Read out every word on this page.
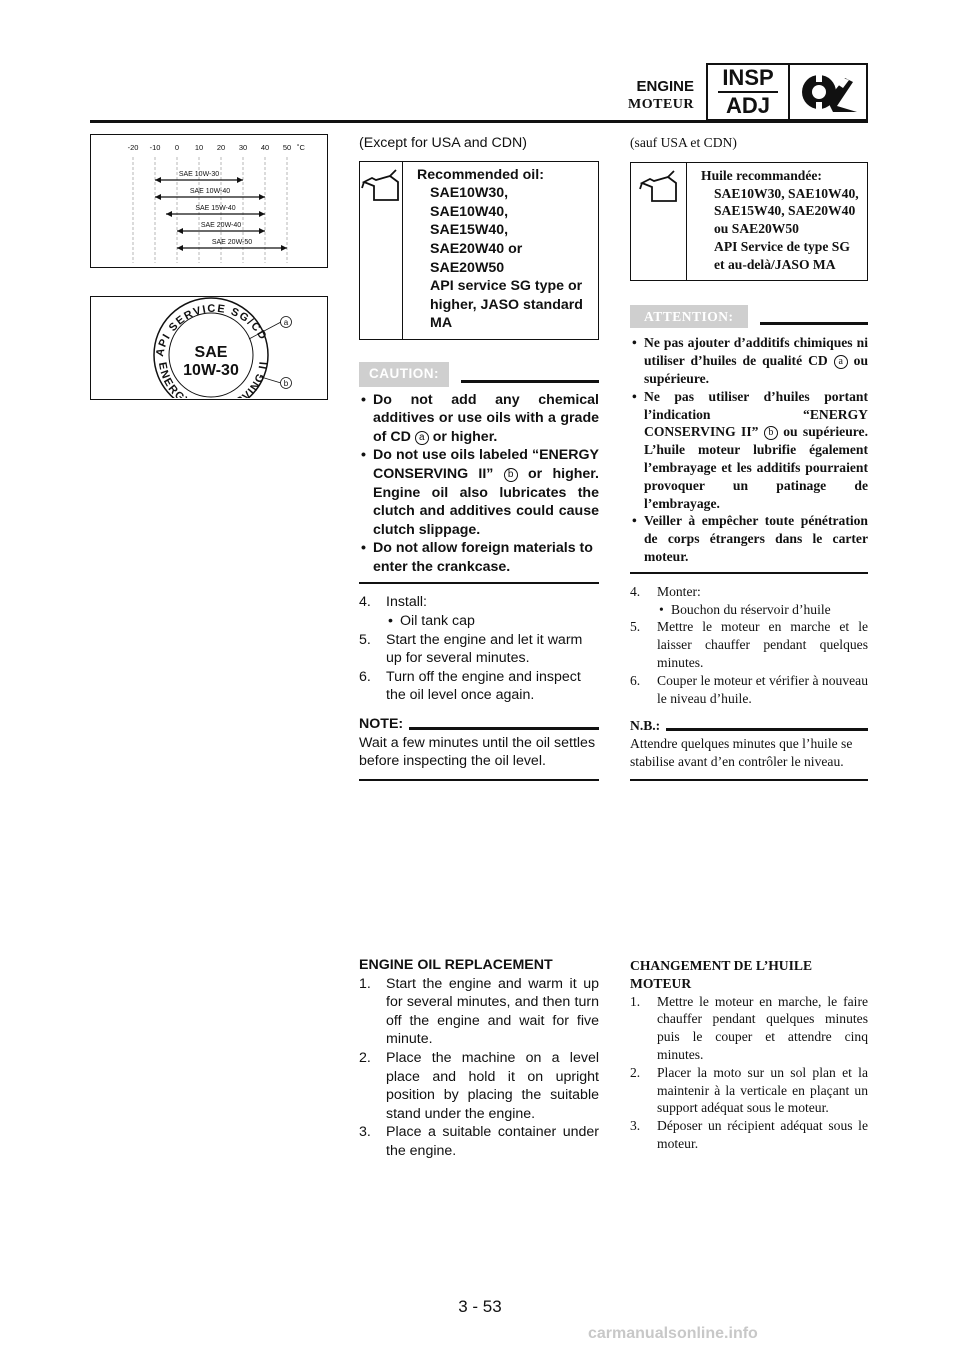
ENGINE
MOTEUR
INSP
ADJ
-20 -10 0 10 20 30 40 50 ˚C
SAE 10W-30
SAE 10W-40
SAE 15W-40
SAE 20W-40
SAE 20W-50
API SERVICE SG/CD
ENERG VING II
SAE
10W-30
a
b
(Except for USA and CDN)
Recommended oil:
SAE10W30,
SAE10W40,
SAE15W40,
SAE20W40 or
SAE20W50
API service SG type or higher, JASO standard MA
CAUTION:
• Do not add any chemical additives or use oils with a grade of CD a or higher.
• Do not use oils labeled “ENERGY CONSERVING II” b or higher. Engine oil also lubricates the clutch and additives could cause clutch slippage.
• Do not allow foreign materials to enter the crankcase.
4. Install:
• Oil tank cap
5. Start the engine and let it warm up for several minutes.
6. Turn off the engine and inspect the oil level once again.
NOTE:
Wait a few minutes until the oil settles before inspecting the oil level.
ENGINE OIL REPLACEMENT
1. Start the engine and warm it up for several minutes, and then turn off the engine and wait for five minute.
2. Place the machine on a level place and hold it on upright position by placing the suitable stand under the engine.
3. Place a suitable container under the engine.
(sauf USA et CDN)
Huile recommandée:
SAE10W30, SAE10W40,
SAE15W40, SAE20W40
ou SAE20W50
API Service de type SG
et au-delà/JASO MA
ATTENTION:
• Ne pas ajouter d’additifs chimiques ni utiliser d’huiles de qualité CD a ou supérieure.
• Ne pas utiliser d’huiles portant l’indication “ENERGY CONSERVING II” b ou supérieure. L’huile moteur lubrifie également l’embrayage et les additifs pourraient provoquer un patinage de l’embrayage.
• Veiller à empêcher toute pénétration de corps étrangers dans le carter moteur.
4. Monter:
• Bouchon du réservoir d’huile
5. Mettre le moteur en marche et le laisser chauffer pendant quelques minutes.
6. Couper le moteur et vérifier à nouveau le niveau d’huile.
N.B.:
Attendre quelques minutes que l’huile se stabilise avant d’en contrôler le niveau.
CHANGEMENT DE L’HUILE MOTEUR
1. Mettre le moteur en marche, le faire chauffer pendant quelques minutes puis le couper et attendre cinq minutes.
2. Placer la moto sur un sol plan et la maintenir à la verticale en plaçant un support adéquat sous le moteur.
3. Déposer un récipient adéquat sous le moteur.
3 - 53
carmanualsonline.info
